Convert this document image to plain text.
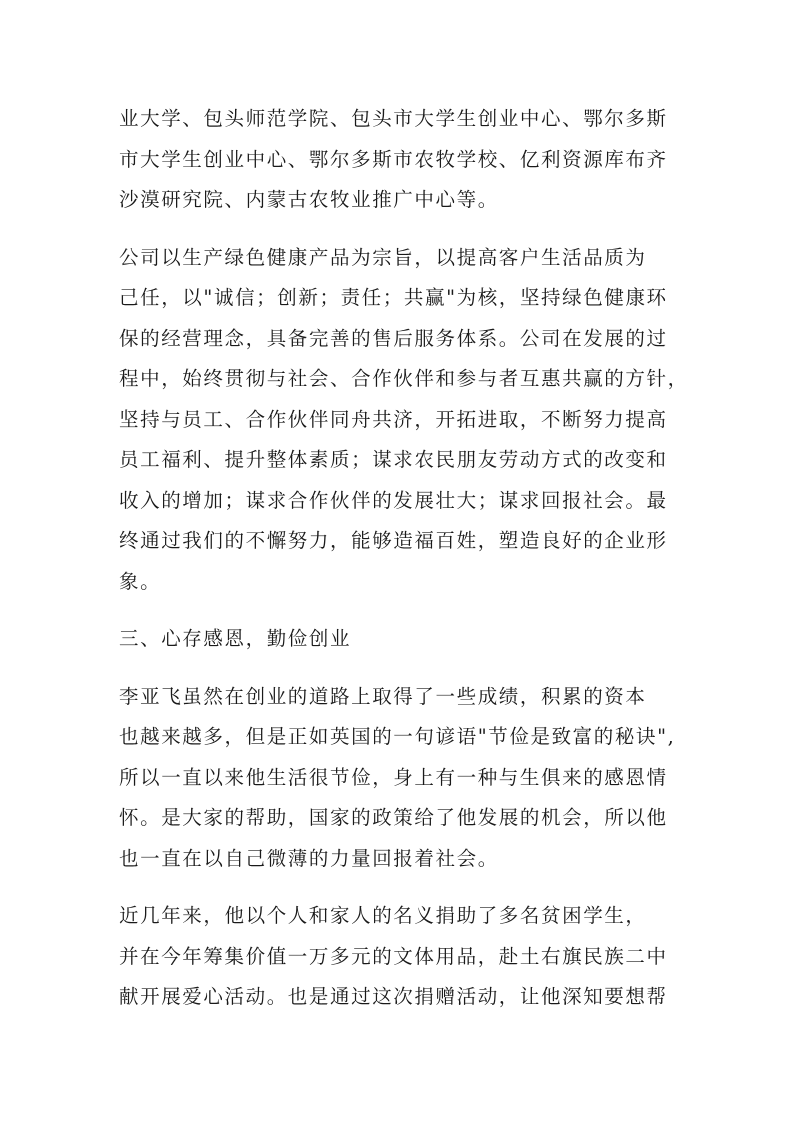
业大学、包头师范学院、包头市大学生创业中心、鄂尔多斯
市大学生创业中心、鄂尔多斯市农牧学校、亿利资源库布齐
沙漠研究院、内蒙古农牧业推广中心等。
公司以生产绿色健康产品为宗旨，以提高客户生活品质为
己任，以"诚信；创新；责任；共赢"为核，坚持绿色健康环
保的经营理念，具备完善的售后服务体系。公司在发展的过
程中，始终贯彻与社会、合作伙伴和参与者互惠共赢的方针，
坚持与员工、合作伙伴同舟共济，开拓进取，不断努力提高
员工福利、提升整体素质；谋求农民朋友劳动方式的改变和
收入的增加；谋求合作伙伴的发展壮大；谋求回报社会。最
终通过我们的不懈努力，能够造福百姓，塑造良好的企业形
象。
三、心存感恩，勤俭创业
李亚飞虽然在创业的道路上取得了一些成绩，积累的资本
也越来越多，但是正如英国的一句谚语"节俭是致富的秘诀",
所以一直以来他生活很节俭，身上有一种与生俱来的感恩情
怀。是大家的帮助，国家的政策给了他发展的机会，所以他
也一直在以自己微薄的力量回报着社会。
近几年来，他以个人和家人的名义捐助了多名贫困学生，
并在今年筹集价值一万多元的文体用品，赴土右旗民族二中
献开展爱心活动。也是通过这次捐赠活动，让他深知要想帮
